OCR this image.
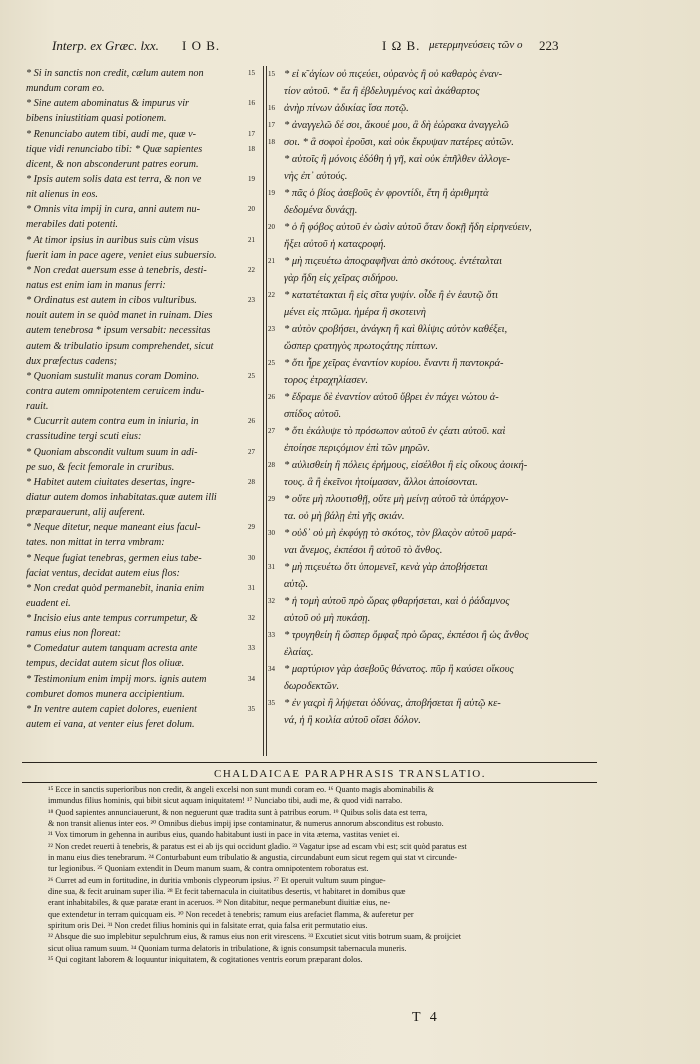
Interp. ex Græc. lxx. I O B.	I Ω B. μετερμηνεύσεις τῶν ο 223
* Si in sanctis non credit, cælum autem non
mundum coram eo.
* Sine autem abominatus & impurus vir
bibens iniustitiam quasi potionem.
* Renunciabo autem tibi, audi me, quæ v-
tique vidi renunciabo tibi: * Quæ sapientes
dicent, & non absconderunt patres eorum.
* Ipsis autem solis data est terra, & non ve
nit alienus in eos.
* Omnis vita impij in cura, anni autem nu-
merabiles dati potenti.
* At timor ipsius in auribus suis cùm visus
fuerit iam in pace agere, veniet eius subuersio.
* Non credat auersum esse à tenebris, desti-
natus est enim iam in manus ferri:
* Ordinatus est autem in cibos vulturibus.
nouit autem in se quòd manet in ruinam. Dies
autem tenebrosa * ipsum versabit: necessitas
autem & tribulatio ipsum comprehendet, sicut
dux præfectus cadens;
* Quoniam sustulit manus coram Domino.
contra autem omnipotentem ceruicem indu-
rauit.
* Cucurrit autem contra eum in iniuria, in
crassitudine tergi scuti eius:
* Quoniam abscondit vultum suum in adi-
pe suo, & fecit femorale in cruribus.
* Habitet autem ciuitates desertas, ingre-
diatur autem domos inhabitatas.quæ autem illi
præparauerunt, alij auferent.
* Neque ditetur, neque maneant eius facul-
tates. non mittat in terra vmbram:
* Neque fugiat tenebras, germen eius tabe-
faciat ventus, decidat autem eius flos:
* Non credat quòd permanebit, inania enim
euadent ei.
* Incisio eius ante tempus corrumpetur, &
ramus eius non floreat:
* Comedatur autem tanquam acresta ante
tempus, decidat autem sicut flos oliuæ.
* Testimonium enim impij mors. ignis autem
comburet domos munera accipientium.
* In ventre autem capiet dolores, euenient
autem ei vana, at venter eius feret dolum.
15
16
17
18
19
20
21
22
23
25
26
27
28
29
30
31
32
33
34
35
15
16
17
18
19
20
21
22
23
25
26
27
28
29
30
31
32
33
34
35
* εἰ κ͂ ἁγίων οὐ πιϛεύει, οὐρανὸς ἢ οὐ καθαρὸς ἐναν-
τίον αὐτοῦ. * ἔα ἢ ἐβδελυγμένος καὶ ἀκάθαρτος
ἀνὴρ πίνων ἀδικίας ἴσα ποτῷ.
* ἀναγγελῶ δέ σοι, ἄκουέ μου, ἃ δὴ ἑώρακα ἀναγγελῶ
σοι. * ἃ σοφοὶ ἐροῦσι, καὶ οὐκ ἔκρυψαν πατέρες αὐτῶν.
* αὐτοῖς ἢ μόνοις ἐδόθη ἡ γῆ, καὶ οὐκ ἐπῆλθεν ἀλλογε-
νὴς ἐπ᾽ αὐτούς.
* πᾶς ὁ βίος ἀσεβοῦς ἐν φροντίδι, ἔτη ἢ ἀριθμητὰ
δεδομένα δυνάςῃ.
* ὁ ἢ φόβος αὐτοῦ ἐν ὠσὶν αὐτοῦ ὅταν δοκῇ ἤδη εἰρηνεύειν,
ἥξει αὐτοῦ ἡ καταςροφή.
* μὴ πιςευέτω ἀποςραφῆναι ἀπὸ σκότους. ἐντέταλται
γὰρ ἤδη εἰς χεῖρας σιδήρου.
* κατατέτακται ἢ εἰς σῖτα γυψίν. οἶδε ἢ ἐν ἑαυτῷ ὅτι
μένει εἰς πτῶμα. ἡμέρα ἢ σκοτεινὴ
* αὐτὸν ςροβήσει, ἀνάγκη ἢ καὶ θλίψις αὐτὸν καθέξει,
ὥσπερ ςρατηγὸς πρωτοςάτης πίπτων.
* ὅτι ἦρε χεῖρας ἐναντίον κυρίου. ἔναντι ἢ παντοκρά-
τορος ἐτραχηλίασεν.
* ἔδραμε δὲ ἐναντίον αὐτοῦ ὕβρει ἐν πάχει νώτου ἀ-
σπίδος αὐτοῦ.
* ὅτι ἐκάλυψε τὸ πρόσωπον αὐτοῦ ἐν ςέατι αὐτοῦ. καὶ
ἐποίησε περιςόμιον ἐπὶ τῶν μηρῶν.
* αὐλισθείη ἢ πόλεις ἐρήμους, εἰσέλθοι ἢ εἰς οἴκους ἀοική-
τους. ἃ ἢ ἐκεῖνοι ἡτοίμασαν, ἄλλοι ἀποίσονται.
* οὔτε μὴ πλουτισθῇ, οὔτε μὴ μείνῃ αὐτοῦ τὰ ὑπάρχον-
τα. οὐ μὴ βάλῃ ἐπὶ γῆς σκιάν.
* οὐδ᾽ οὐ μὴ ἐκφύγῃ τὸ σκότος, τὸν βλαςὸν αὐτοῦ μαρά-
ναι ἄνεμος, ἐκπέσοι ἢ αὐτοῦ τὸ ἄνθος.
* μὴ πιςευέτω ὅτι ὑπομενεῖ, κενὰ γὰρ ἀποβήσεται
αὐτῷ.
* ἡ τομὴ αὐτοῦ πρὸ ὥρας φθαρήσεται, καὶ ὁ ῥάδαμνος
αὐτοῦ οὐ μὴ πυκάσῃ.
* τρυγηθείη ἢ ὥσπερ ὄμφαξ πρὸ ὥρας, ἐκπέσοι ἢ ὡς ἄνθος
ἐλαίας.
* μαρτύριον γὰρ ἀσεβοῦς θάνατος. πῦρ ἢ καύσει οἴκους
δωροδεκτῶν.
* ἐν γαςρὶ ἢ λήψεται ὀδύνας, ἀποβήσεται ἢ αὐτῷ κε-
νά, ἡ ἢ κοιλία αὐτοῦ οἴσει δόλον.
CHALDAICAE PARAPHRASIS TRANSLATIO.
¹⁵ Ecce in sanctis superioribus non credit, & angeli excelsi non sunt mundi coram eo. ¹⁶ Quanto magis abominabilis &
immundus filius hominis, qui bibit sicut aquam iniquitatem! ¹⁷ Nunciabo tibi, audi me, & quod vidi narrabo.
¹⁸ Quod sapientes annunciauerunt, & non neguerunt quæ tradita sunt à patribus eorum. ¹⁹ Quibus solis data est terra,
& non transit alienus inter eos. ²⁰ Omnibus diebus impij ipse contaminatur, & numerus annorum absconditus est robusto.
²¹ Vox timorum in gehenna in auribus eius, quando habitabunt iusti in pace in vita æterna, vastitas veniet ei.
²² Non credet reuerti à tenebris, & paratus est ei ab ijs qui occidunt gladio. ²³ Vagatur ipse ad escam vbi est; scit quòd paratus est
in manu eius dies tenebrarum. ²⁴ Conturbabunt eum tribulatio & angustia, circundabunt eum sicut regem qui stat vt circunde-
tur legionibus. ²⁵ Quoniam extendit in Deum manum suam, & contra omnipotentem roboratus est.
²⁶ Curret ad eum in fortitudine, in duritia vmbonis clypeorum ipsius. ²⁷ Et operuit vultum suum pingue-
dine sua, & fecit aruinam super ilia. ²⁸ Et fecit tabernacula in ciuitatibus desertis, vt habitaret in domibus quæ
erant inhabitabiles, & quæ paratæ erant in aceruos. ²⁹ Non ditabitur, neque permanebunt diuitiæ eius, ne-
que extendetur in terram quicquam eis. ³⁰ Non recedet à tenebris; ramum eius arefaciet flamma, & auferetur per
spiritum oris Dei. ³¹ Non credet filius hominis qui in falsitate errat, quia falsa erit permutatio eius.
³² Absque die suo implebitur sepulchrum eius, & ramus eius non erit virescens. ³³ Excutiet sicut vitis botrum suam, & proijciet
sicut oliua ramum suum. ³⁴ Quoniam turma delatoris in tribulatione, & ignis consumpsit tabernacula muneris.
³⁵ Qui cogitant laborem & loquuntur iniquitatem, & cogitationes ventris eorum præparant dolos.
T 4
